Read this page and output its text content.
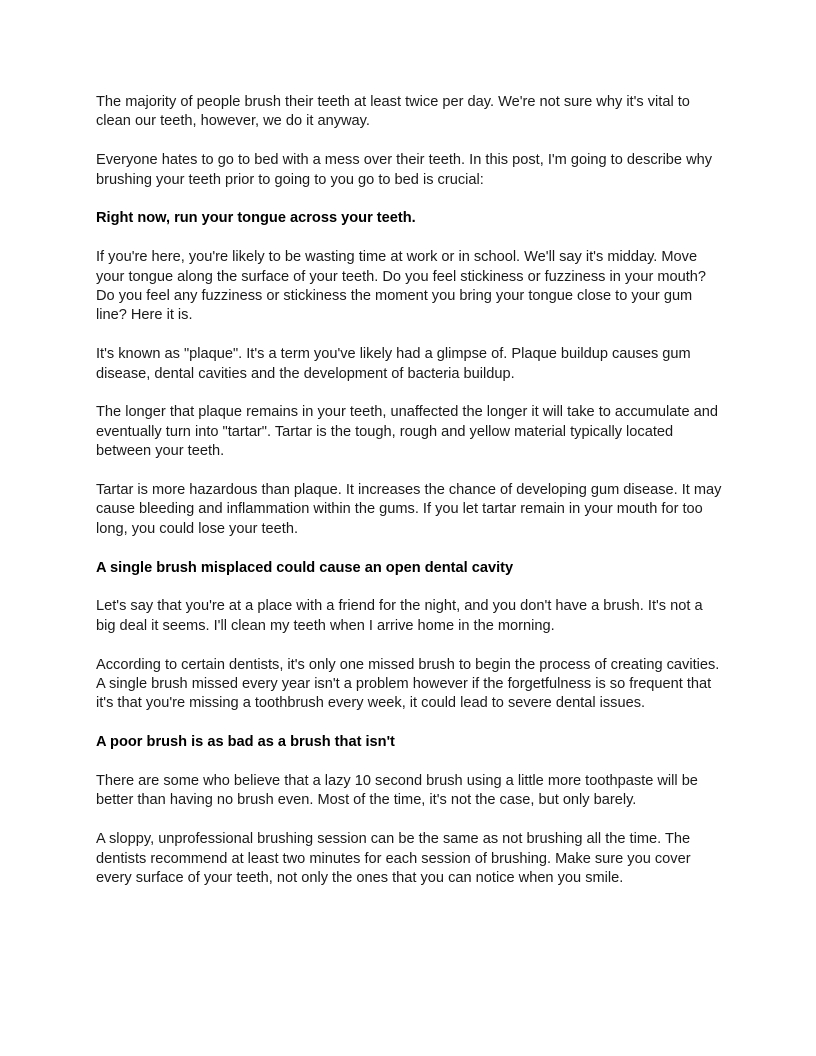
The majority of people brush their teeth at least twice per day. We're not sure why it's vital to clean our teeth, however, we do it anyway.

Everyone hates to go to bed with a mess over their teeth. In this post, I'm going to describe why brushing your teeth prior to going to you go to bed is crucial:

Right now, run your tongue across your teeth.

If you're here, you're likely to be wasting time at work or in school. We'll say it's midday. Move your tongue along the surface of your teeth. Do you feel stickiness or fuzziness in your mouth? Do you feel any fuzziness or stickiness the moment you bring your tongue close to your gum line? Here it is.

It's known as "plaque". It's a term you've likely had a glimpse of. Plaque buildup causes gum disease, dental cavities and the development of bacteria buildup.

The longer that plaque remains in your teeth, unaffected the longer it will take to accumulate and eventually turn into "tartar". Tartar is the tough, rough and yellow material typically located between your teeth.

Tartar is more hazardous than plaque. It increases the chance of developing gum disease. It may cause bleeding and inflammation within the gums. If you let tartar remain in your mouth for too long, you could lose your teeth.

A single brush misplaced could cause an open dental cavity

Let's say that you're at a place with a friend for the night, and you don't have a brush. It's not a big deal it seems. I'll clean my teeth when I arrive home in the morning.

According to certain dentists, it's only one missed brush to begin the process of creating cavities. A single brush missed every year isn't a problem however if the forgetfulness is so frequent that it's that you're missing a toothbrush every week, it could lead to severe dental issues.

A poor brush is as bad as a brush that isn't

There are some who believe that a lazy 10 second brush using a little more toothpaste will be better than having no brush even. Most of the time, it's not the case, but only barely.

A sloppy, unprofessional brushing session can be the same as not brushing all the time. The dentists recommend at least two minutes for each session of brushing. Make sure you cover every surface of your teeth, not only the ones that you can notice when you smile.
